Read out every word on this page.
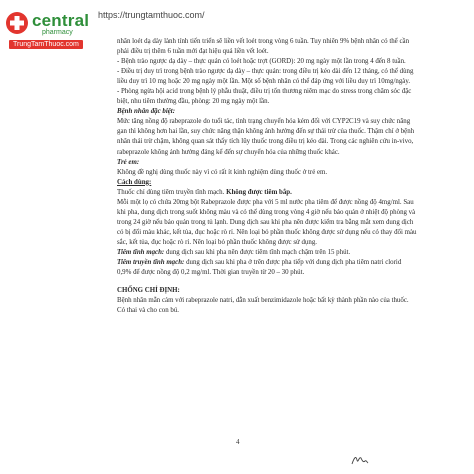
central
pharmacy
TrungTamThuoc.com
https://trungtamthuoc.com/

nhân loét dạ dày lành tính tiến triển sẽ liền vết loét trong vòng 6 tuần. Tuy nhiên 9% bệnh nhân có thể cần phải điều trị thêm 6 tuần mới đạt hiệu quả liền vết loét.

- Bệnh trào ngược dạ dày – thực quản có loét hoặc trợt (GORD): 20 mg ngày một lần trong 4 đến 8 tuần.

- Điều trị duy trì trong bệnh trào ngược dạ dày – thực quản: trong điều trị kéo dài đến 12 tháng, có thể dùng liều duy trì 10 mg hoặc 20 mg ngày một lần. Một số bệnh nhân có thể đáp ứng với liều duy trì 10mg/ngày.

- Phòng ngừa hội acid trong bệnh lý phẫu thuật, điều trị tổn thương niêm mạc do stress trong chăm sóc đặc biệt, nhu tiêm thường đầu, phòng: 20 mg ngày một lần.

Bệnh nhân đặc biệt:

Mức tăng nồng độ rabeprazole do tuổi tác, tình trạng chuyển hóa kém đối với CYP2C19 và suy chức năng gan thì không hơn hai lần, suy chức năng thận không ảnh hưởng đến sự thải trừ của thuốc. Thậm chí ở bệnh nhân thải trừ chậm, không quan sát thấy tích lũy thuốc trong điều trị kéo dài. Trong các nghiên cứu in-vivo, rabeprazole không ảnh hưởng đáng kể đến sự chuyển hóa của những thuốc khác.

Trẻ em:

Không đề nghị dùng thuốc này vì có rất ít kinh nghiệm dùng thuốc ở trẻ em.

Cách dùng:

Thuốc chỉ dùng tiêm truyền tĩnh mạch. Không được tiêm bắp.

Mỗi một lọ có chứa 20mg bột Rabeprazole được pha với 5 ml nước pha tiêm để được nồng độ 4mg/ml. Sau khi pha, dung dịch trong suốt không màu và có thể dùng trong vòng 4 giờ nếu bảo quản ở nhiệt độ phòng và trong 24 giờ nếu bảo quản trong tủ lạnh. Dung dịch sau khi pha nên được kiểm tra bằng mắt xem dung dịch có bị đổi màu khác, kết tủa, đục hoặc rò rỉ. Nên loại bỏ phần thuốc không được sử dụng nếu có thay đổi màu sắc, kết tủa, đục hoặc rò rỉ. Nên loại bỏ phần thuốc không được sử dụng.

Tiêm tĩnh mạch: dung dịch sau khi pha nên được tiêm tĩnh mạch chậm trên 15 phút.

Tiêm truyền tĩnh mạch: dung dịch sau khi pha ở trên được pha tiếp với dung dịch pha tiêm natri clorid 0,9% để được nồng độ 0,2 mg/ml. Thời gian truyền từ 20 – 30 phút.

CHỐNG CHỈ ĐỊNH:

Bệnh nhân mẫn cảm với rabeprazole natri, dẫn xuất benzimidazole hoặc bất kỳ thành phần nào của thuốc.

Có thai và cho con bú.

4
